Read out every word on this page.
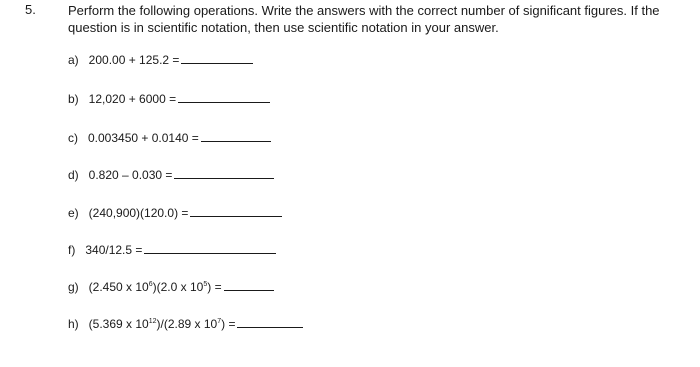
5. Perform the following operations. Write the answers with the correct number of significant figures. If the question is in scientific notation, then use scientific notation in your answer.
a) 200.00 + 125.2 =
b) 12,020 + 6000 =
c) 0.003450 + 0.0140 =
d) 0.820 – 0.030 =
e) (240,900)(120.0) =
f) 340/12.5 =
g) (2.450 x $10^6)(2.0$ x $10^5$) =
h) (5.369 x $10^{12})/(2.89$ x $10^7$) =
